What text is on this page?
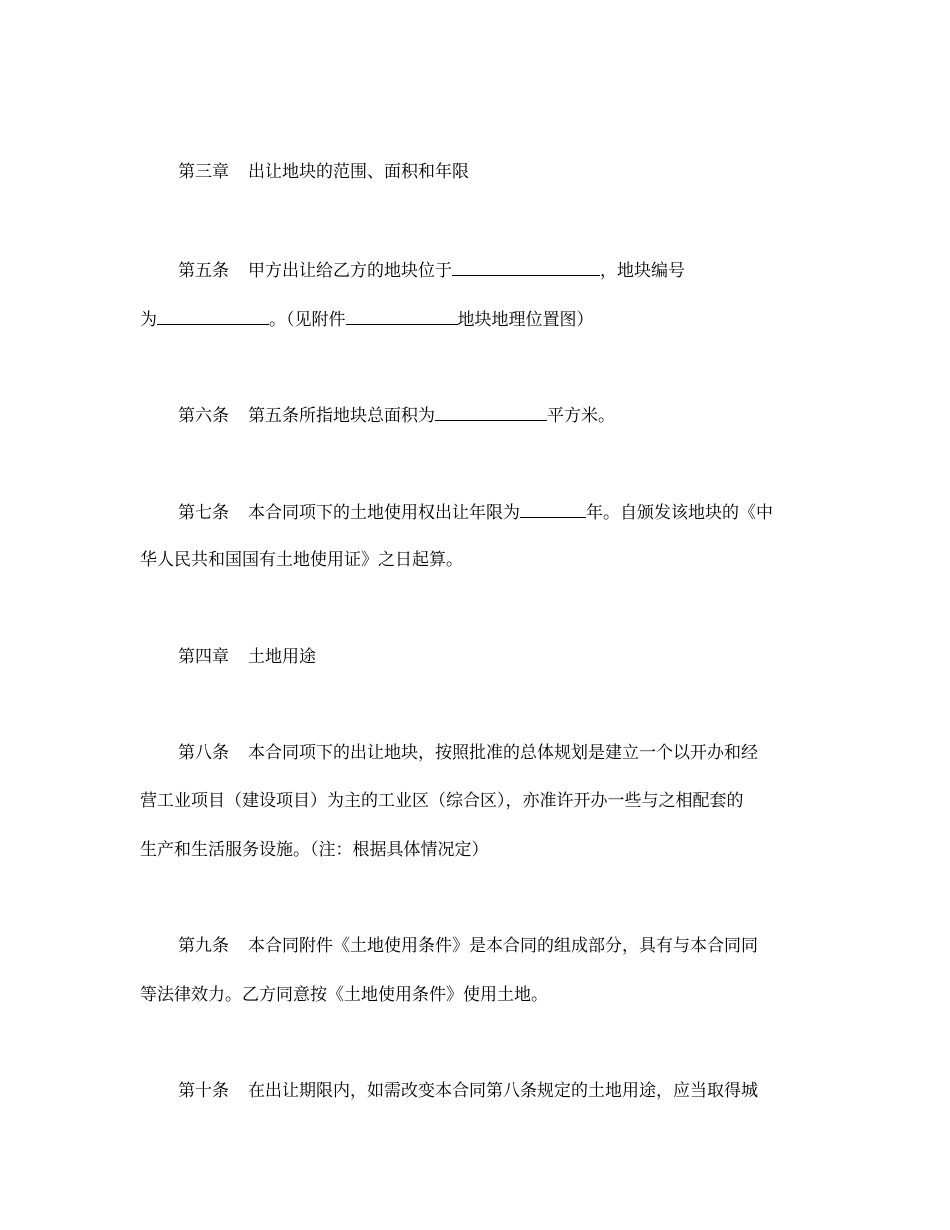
第三章 出让地块的范围、面积和年限
第五条 甲方出让给乙方的地块位于	，地块编号
为	。（见附件	地块地理位置图）
第六条 第五条所指地块总面积为	平方米。
第七条 本合同项下的土地使用权出让年限为	年。自颁发该地块的《中
华人民共和国国有土地使用证》之日起算。
第四章 土地用途
第八条 本合同项下的出让地块，按照批准的总体规划是建立一个以开办和经
营工业项目（建设项目）为主的工业区（综合区），亦准许开办一些与之相配套的
生产和生活服务设施。（注：根据具体情况定）
第九条 本合同附件《土地使用条件》是本合同的组成部分，具有与本合同同
等法律效力。乙方同意按《土地使用条件》使用土地。
第十条 在出让期限内，如需改变本合同第八条规定的土地用途，应当取得城
